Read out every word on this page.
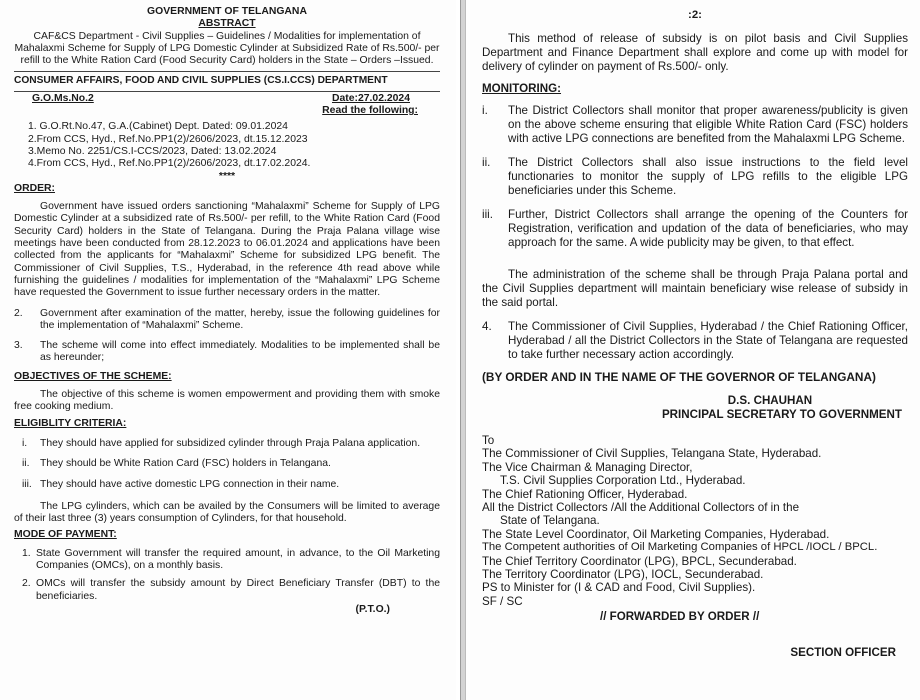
GOVERNMENT OF TELANGANA

ABSTRACT

CAF&CS Department - Civil Supplies – Guidelines / Modalities for implementation of Mahalaxmi Scheme for Supply of LPG Domestic Cylinder at Subsidized Rate of Rs.500/- per refill to the White Ration Card (Food Security Card) holders in the State – Orders –Issued.

CONSUMER AFFAIRS, FOOD AND CIVIL SUPPLIES (CS.I.CCS) DEPARTMENT

G.O.Ms.No.2	Date:27.02.2024

Read the following:

1. G.O.Rt.No.47, G.A.(Cabinet) Dept. Dated: 09.01.2024

2.From CCS, Hyd., Ref.No.PP1(2)/2606/2023, dt.15.12.2023

3.Memo No. 2251/CS.I-CCS/2023, Dated: 13.02.2024

4.From CCS, Hyd., Ref.No.PP1(2)/2606/2023, dt.17.02.2024.

****

ORDER:

Government have issued orders sanctioning “Mahalaxmi” Scheme for Supply of LPG Domestic Cylinder at a subsidized rate of Rs.500/- per refill, to the White Ration Card (Food Security Card) holders in the State of Telangana. During the Praja Palana village wise meetings have been conducted from 28.12.2023 to 06.01.2024 and applications have been collected from the applicants for “Mahalaxmi” Scheme for subsidized LPG benefit. The Commissioner of Civil Supplies, T.S., Hyderabad, in the reference 4th read above while furnishing the guidelines / modalities for implementation of the “Mahalaxmi” LPG Scheme have requested the Government to issue further necessary orders in the matter.

2.	Government after examination of the matter, hereby, issue the following guidelines for the implementation of “Mahalaxmi” Scheme.
3.	The scheme will come into effect immediately. Modalities to be implemented shall be as hereunder;

OBJECTIVES OF THE SCHEME:

The objective of this scheme is women empowerment and providing them with smoke free cooking medium.

ELIGIBLITY CRITERIA:

i.	They should have applied for subsidized cylinder through Praja Palana application.
ii.	They should be White Ration Card (FSC) holders in Telangana.
iii. They should have active domestic LPG connection in their name.

The LPG cylinders, which can be availed by the Consumers will be limited to average of their last three (3) years consumption of Cylinders, for that household.

MODE OF PAYMENT:

1. State Government will transfer the required amount, in advance, to the Oil Marketing Companies (OMCs), on a monthly basis.
2. OMCs will transfer the subsidy amount by Direct Beneficiary Transfer (DBT) to the beneficiaries.

(P.T.O.)

:2:

This method of release of subsidy is on pilot basis and Civil Supplies Department and Finance Department shall explore and come up with model for delivery of cylinder on payment of Rs.500/- only.

MONITORING:

i.	The District Collectors shall monitor that proper awareness/publicity is given on the above scheme ensuring that eligible White Ration Card (FSC) holders with active LPG connections are benefited from the Mahalaxmi LPG Scheme.
ii.	The District Collectors shall also issue instructions to the field level functionaries to monitor the supply of LPG refills to the eligible LPG beneficiaries under this Scheme.
iii.	Further, District Collectors shall arrange the opening of the Counters for Registration, verification and updation of the data of beneficiaries, who may approach for the same. A wide publicity may be given, to that effect.

The administration of the scheme shall be through Praja Palana portal and the Civil Supplies department will maintain beneficiary wise release of subsidy in the said portal.

4.	The Commissioner of Civil Supplies, Hyderabad / the Chief Rationing Officer, Hyderabad / all the District Collectors in the State of Telangana are requested to take further necessary action accordingly.

(BY ORDER AND IN THE NAME OF THE GOVERNOR OF TELANGANA)

D.S. CHAUHAN

PRINCIPAL SECRETARY TO GOVERNMENT

To

The Commissioner of Civil Supplies, Telangana State, Hyderabad.

The Vice Chairman & Managing Director,

T.S. Civil Supplies Corporation Ltd., Hyderabad.

The Chief Rationing Officer, Hyderabad.

All the District Collectors /All the Additional Collectors of in the

State of Telangana.

The State Level Coordinator, Oil Marketing Companies, Hyderabad.

The Competent authorities of Oil Marketing Companies of HPCL /IOCL / BPCL.

The Chief Territory Coordinator (LPG), BPCL, Secunderabad.

The Territory Coordinator (LPG), IOCL, Secunderabad.

PS to Minister for (I & CAD and Food, Civil Supplies).

SF / SC

// FORWARDED BY ORDER //

SECTION OFFICER
